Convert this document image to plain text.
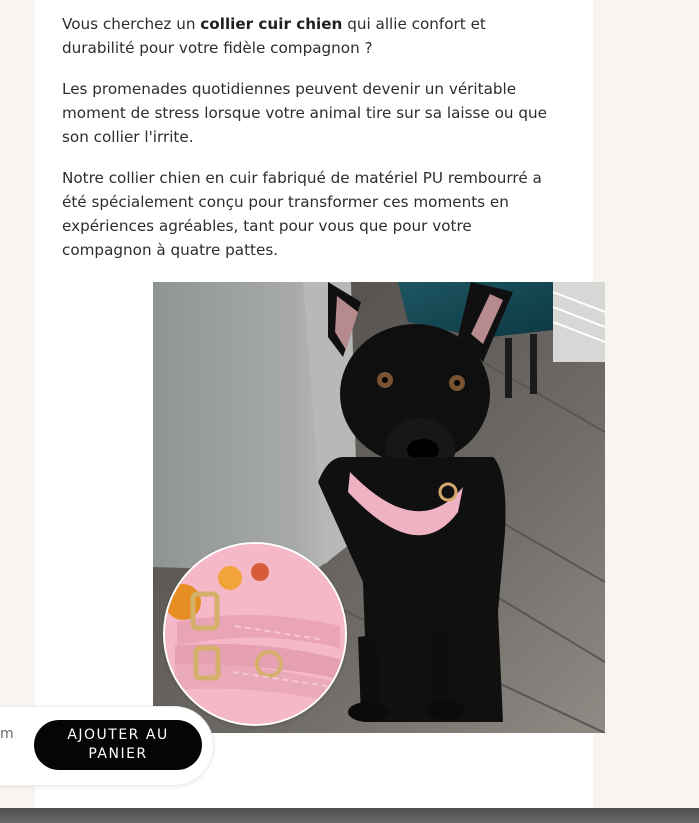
Vous cherchez un collier cuir chien qui allie confort et durabilité pour votre fidèle compagnon ?

Les promenades quotidiennes peuvent devenir un véritable moment de stress lorsque votre animal tire sur sa laisse ou que son collier l'irrite.

Notre collier chien en cuir fabriqué de matériel PU rembourré a été spécialement conçu pour transformer ces moments en expériences agréables, tant pour vous que pour votre compagnon à quatre pattes.

m	AJOUTER AU PANIER
